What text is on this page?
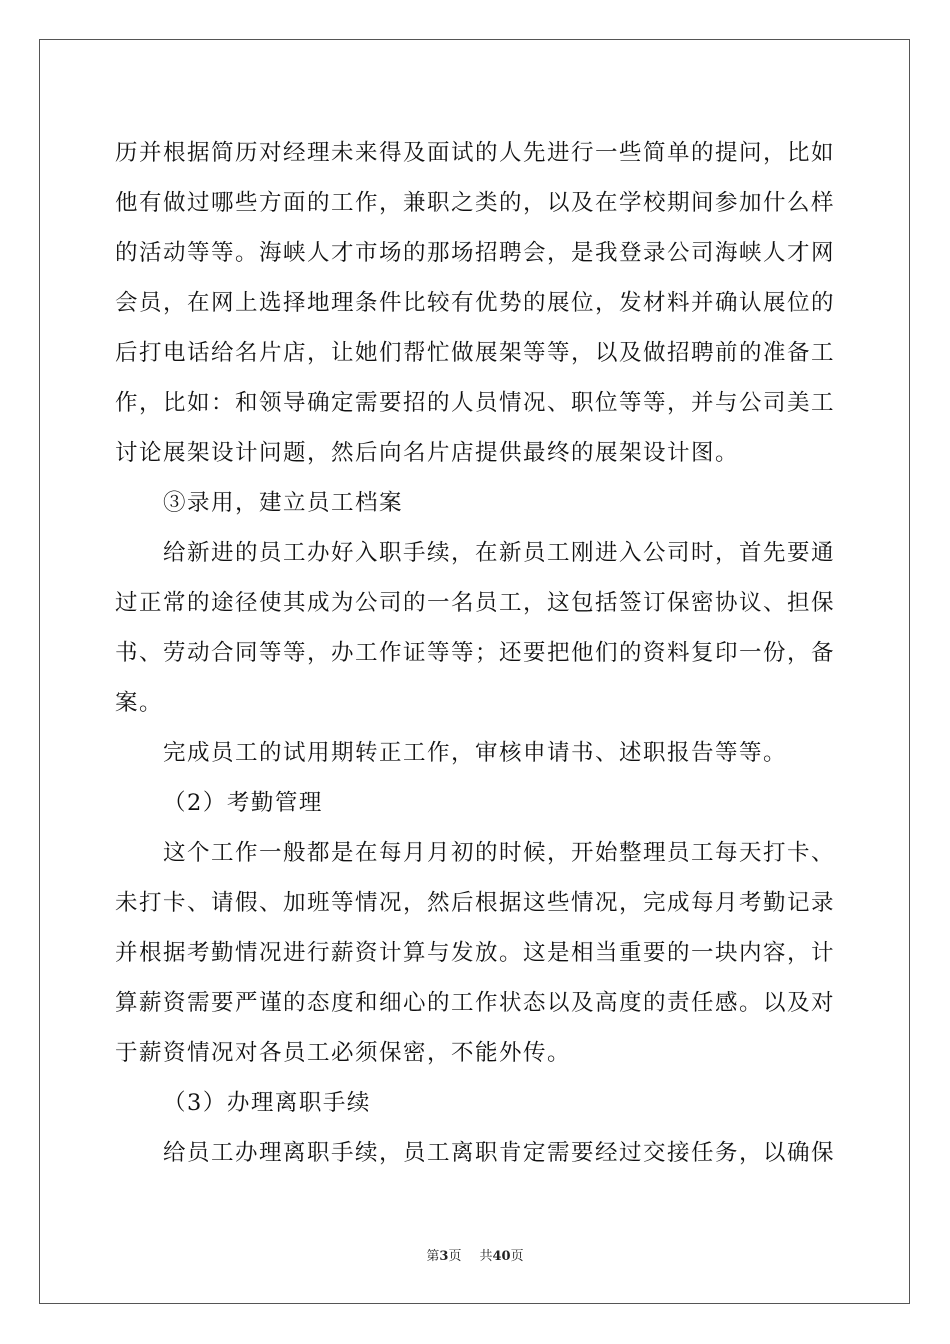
历并根据简历对经理未来得及面试的人先进行一些简单的提问，比如
他有做过哪些方面的工作，兼职之类的，以及在学校期间参加什么样
的活动等等。海峡人才市场的那场招聘会，是我登录公司海峡人才网
会员，在网上选择地理条件比较有优势的展位，发材料并确认展位的
后打电话给名片店，让她们帮忙做展架等等，以及做招聘前的准备工
作，比如：和领导确定需要招的人员情况、职位等等，并与公司美工
讨论展架设计问题，然后向名片店提供最终的展架设计图。
③录用，建立员工档案
给新进的员工办好入职手续，在新员工刚进入公司时，首先要通
过正常的途径使其成为公司的一名员工，这包括签订保密协议、担保
书、劳动合同等等，办工作证等等；还要把他们的资料复印一份，备
案。
完成员工的试用期转正工作，审核申请书、述职报告等等。
（2）考勤管理
这个工作一般都是在每月月初的时候，开始整理员工每天打卡、
未打卡、请假、加班等情况，然后根据这些情况，完成每月考勤记录
并根据考勤情况进行薪资计算与发放。这是相当重要的一块内容，计
算薪资需要严谨的态度和细心的工作状态以及高度的责任感。以及对
于薪资情况对各员工必须保密，不能外传。
（3）办理离职手续
给员工办理离职手续，员工离职肯定需要经过交接任务，以确保
第3页 共40页
